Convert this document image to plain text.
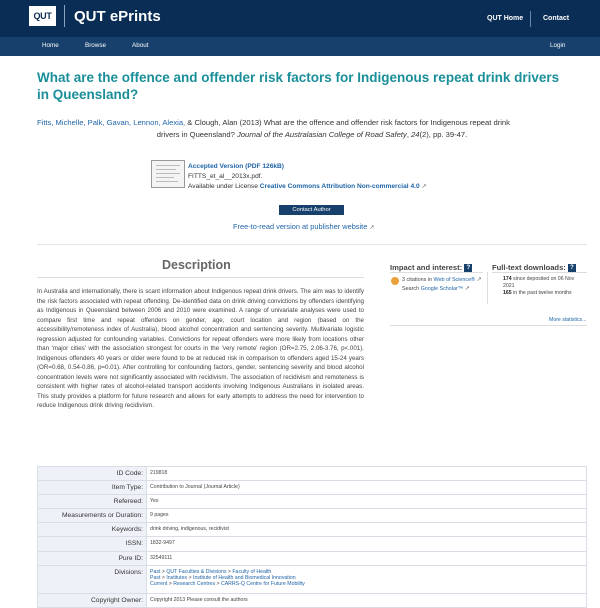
QUT QUT ePrints	QUT Home	Contact
Home	Browse	About	Login
What are the offence and offender risk factors for Indigenous repeat drink drivers in Queensland?
Fitts, Michelle, Palk, Gavan, Lennon, Alexia, & Clough, Alan (2013) What are the offence and offender risk factors for Indigenous repeat drink
drivers in Queensland? Journal of the Australasian College of Road Safety, 24(2), pp. 39-47.
Accepted Version (PDF 126kB)
FITTS_et_al__2013x.pdf.
Available under License Creative Commons Attribution Non-commercial 4.0 ↗
Contact Author
Free-to-read version at publisher website ↗
Description

In Australia and internationally, there is scant information about Indigenous repeat drink drivers. The aim was to identify the risk factors associated with repeat offending. De-identified data on drink driving convictions by offenders identifying as Indigenous in Queensland between 2006 and 2010 were examined. A range of univariate analyses were used to compare first time and repeat offenders on gender, age, court location and region (based on the accessibility/remoteness index of Australia), blood alcohol concentration and sentencing severity. Multivariate logistic regression adjusted for confounding variables. Convictions for repeat offenders were more likely from locations other than 'major cities' with the association strongest for courts in the 'very remote' region (OR=2.75, 2.06-3.76, p<.001). Indigenous offenders 40 years or older were found to be at reduced risk in comparison to offenders aged 15-24 years (OR=0.68, 0.54-0.86, p=0.01). After controlling for confounding factors, gender, sentencing severity and blood alcohol concentration levels were not significantly associated with recidivism. The association of recidivism and remoteness is consistent with higher rates of alcohol-related transport accidents involving Indigenous Australians in isolated areas. This study provides a platform for future research and allows for early attempts to address the need for intervention to reduce Indigenous drink driving recidivism.

Impact and interest: ?	Full-text downloads: ?
3 citations in Web of Science® ↗
Search Google Scholar™ ↗
174 since deposited on 06 Nov 2021
165 in the past twelve months
More statistics...
ID Code:	219818
Item Type:	Contribution to Journal (Journal Article)
Refereed:	Yes
Measurements or Duration:	9 pages
Keywords:	drink driving, indigenous, recidivist
ISSN:	1832-9497
Pure ID:	32549111
Divisions:	Past > QUT Faculties & Divisions > Faculty of Health
Past > Institutes > Institute of Health and Biomedical Innovation
Current > Research Centres > CARRS-Q Centre for Future Mobility
Copyright Owner:	Copyright 2013 Please consult the authors
